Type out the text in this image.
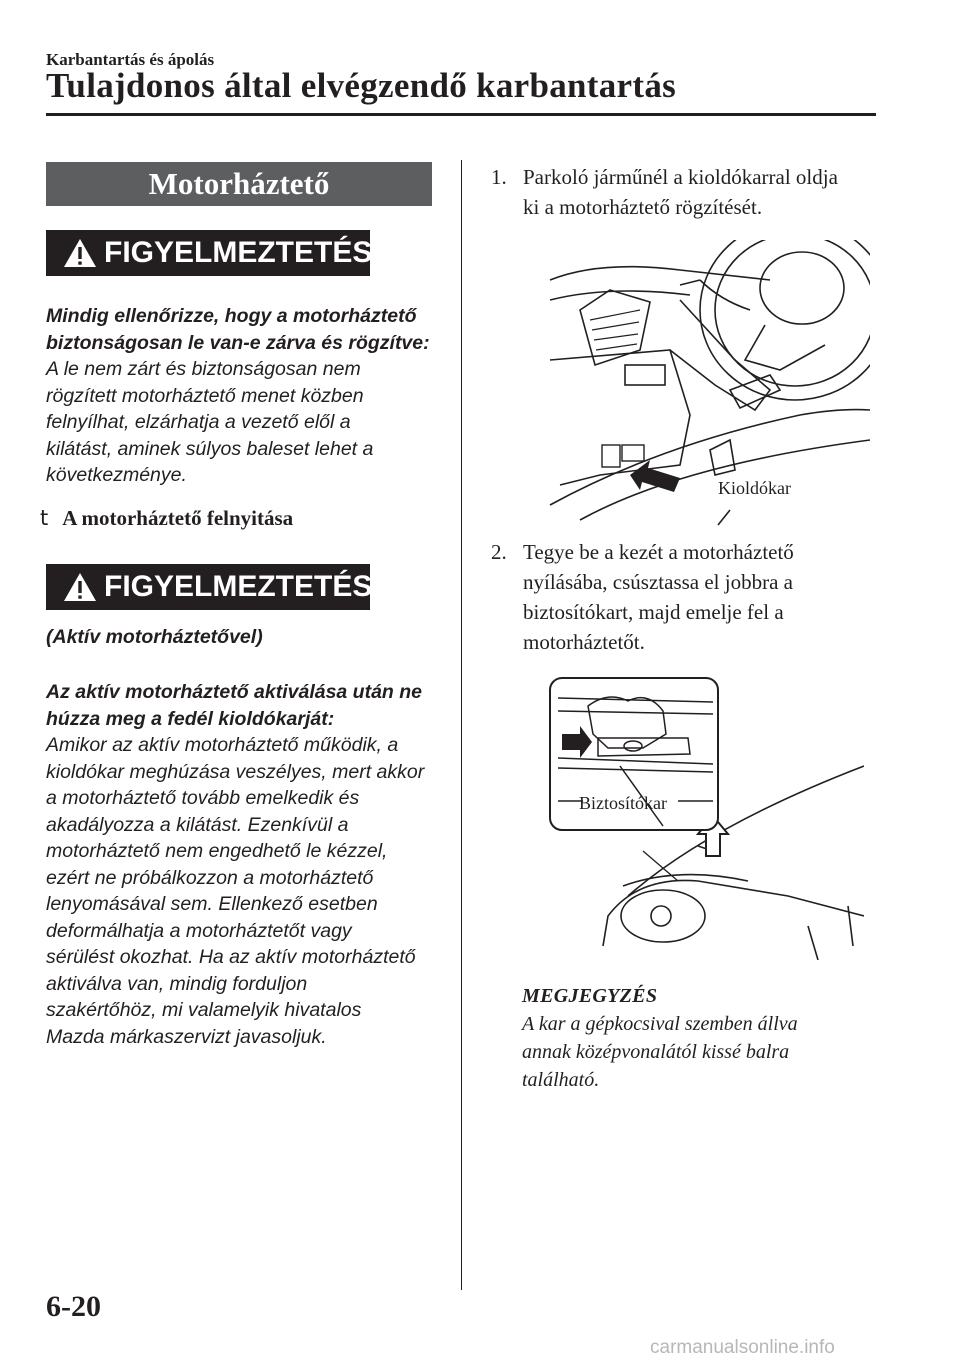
Karbantartás és ápolás
Tulajdonos által elvégzendő karbantartás
Motorháztető
FIGYELMEZTETÉS
Mindig ellenőrizze, hogy a motorháztető
biztonságosan le van-e zárva és rögzítve:
A le nem zárt és biztonságosan nem
rögzített motorháztető menet közben
felnyílhat, elzárhatja a vezető elől a
kilátást, aminek súlyos baleset lehet a
következménye.
t A motorháztető felnyitása
FIGYELMEZTETÉS
(Aktív motorháztetővel)
Az aktív motorháztető aktiválása után ne
húzza meg a fedél kioldókarját:
Amikor az aktív motorháztető működik, a
kioldókar meghúzása veszélyes, mert akkor
a motorháztető tovább emelkedik és
akadályozza a kilátást. Ezenkívül a
motorháztető nem engedhető le kézzel,
ezért ne próbálkozzon a motorháztető
lenyomásával sem. Ellenkező esetben
deformálhatja a motorháztetőt vagy
sérülést okozhat. Ha az aktív motorháztető
aktiválva van, mindig forduljon
szakértőhöz, mi valamelyik hivatalos
Mazda márkaszervizt javasoljuk.
1. Parkoló járműnél a kioldókarral oldja
ki a motorháztető rögzítését.
Kioldókar
2. Tegye be a kezét a motorháztető
nyílásába, csúsztassa el jobbra a
biztosítókart, majd emelje fel a
motorháztetőt.
Biztosítókar
MEGJEGYZÉS
A kar a gépkocsival szemben állva
annak középvonalától kissé balra
található.
6-20
carmanualsonline.info
